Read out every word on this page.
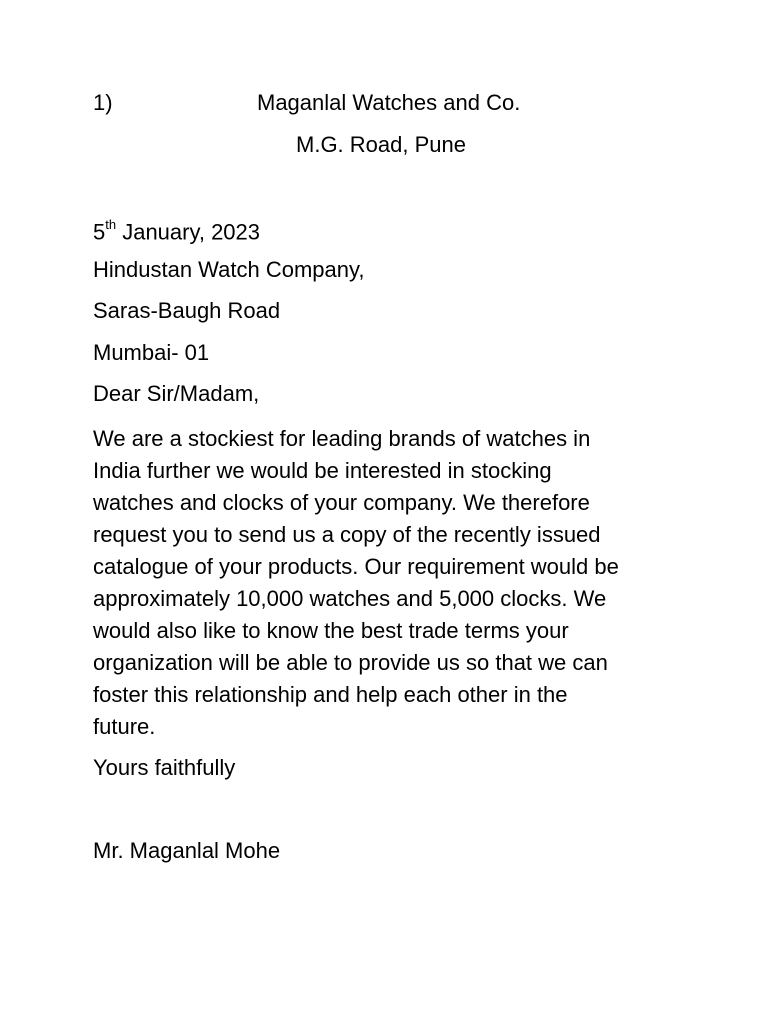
1)	Maganlal Watches and Co.
M.G. Road, Pune
5th January, 2023
Hindustan Watch Company,
Saras-Baugh Road
Mumbai- 01
Dear Sir/Madam,
We are a stockiest for leading brands of watches in
India further we would be interested in stocking
watches and clocks of your company. We therefore
request you to send us a copy of the recently issued
catalogue of your products. Our requirement would be
approximately 10,000 watches and 5,000 clocks. We
would also like to know the best trade terms your
organization will be able to provide us so that we can
foster this relationship and help each other in the
future.
Yours faithfully
Mr. Maganlal Mohe
